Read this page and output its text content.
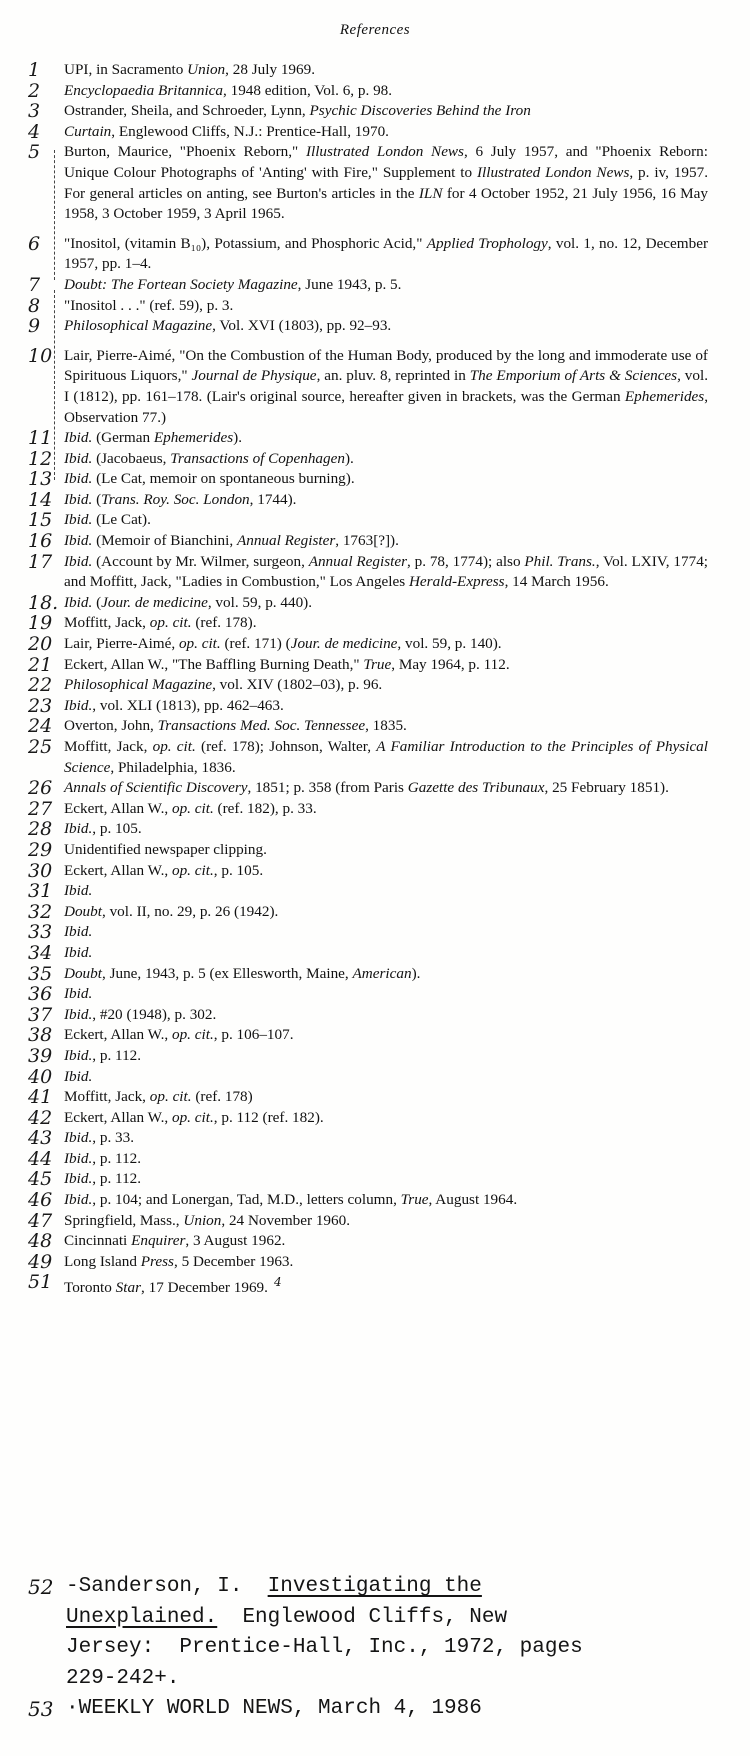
References
1	UPI, in Sacramento Union, 28 July 1969.
2	Encyclopaedia Britannica, 1948 edition, Vol. 6, p. 98.
3	Ostrander, Sheila, and Schroeder, Lynn, Psychic Discoveries Behind the Iron
4	Curtain, Englewood Cliffs, N.J.: Prentice-Hall, 1970.
5	Burton, Maurice, "Phoenix Reborn," Illustrated London News, 6 July 1957, and "Phoenix Reborn: Unique Colour Photographs of 'Anting' with Fire," Supplement to Illustrated London News, p. iv, 1957. For general articles on anting, see Burton's articles in the ILN for 4 October 1952, 21 July 1956, 16 May 1958, 3 October 1959, 3 April 1965.
6	"Inositol, (vitamin B₁₀), Potassium, and Phosphoric Acid," Applied Trophology, vol. 1, no. 12, December 1957, pp. 1–4.
7	Doubt: The Fortean Society Magazine, June 1943, p. 5.
8	"Inositol . . ." (ref. 59), p. 3.
9	Philosophical Magazine, Vol. XVI (1803), pp. 92–93.
10 Lair, Pierre-Aimé, "On the Combustion of the Human Body, produced by the long and immoderate use of Spirituous Liquors," Journal de Physique, an. pluv. 8, reprinted in The Emporium of Arts & Sciences, vol. I (1812), pp. 161–178. (Lair's original source, hereafter given in brackets, was the German Ephemerides, Observation 77.)
11 Ibid. (German Ephemerides).
12 Ibid. (Jacobaeus, Transactions of Copenhagen).
13 Ibid. (Le Cat, memoir on spontaneous burning).
14 Ibid. (Trans. Roy. Soc. London, 1744).
15 Ibid. (Le Cat).
16 Ibid. (Memoir of Bianchini, Annual Register, 1763[?]).
17 Ibid. (Account by Mr. Wilmer, surgeon, Annual Register, p. 78, 1774); also Phil. Trans., Vol. LXIV, 1774; and Moffitt, Jack, "Ladies in Combustion," Los Angeles Herald-Express, 14 March 1956.
18. Ibid. (Jour. de medicine, vol. 59, p. 440).
19 Moffitt, Jack, op. cit. (ref. 178).
20 Lair, Pierre-Aimé, op. cit. (ref. 171) (Jour. de medicine, vol. 59, p. 140).
21 Eckert, Allan W., "The Baffling Burning Death," True, May 1964, p. 112.
22 Philosophical Magazine, vol. XIV (1802–03), p. 96.
23 Ibid., vol. XLI (1813), pp. 462–463.
24 Overton, John, Transactions Med. Soc. Tennessee, 1835.
25 Moffitt, Jack, op. cit. (ref. 178); Johnson, Walter, A Familiar Introduction to the Principles of Physical Science, Philadelphia, 1836.
26 Annals of Scientific Discovery, 1851; p. 358 (from Paris Gazette des Tribunaux, 25 February 1851).
27 Eckert, Allan W., op. cit. (ref. 182), p. 33.
28 Ibid., p. 105.
29 Unidentified newspaper clipping.
30 Eckert, Allan W., op. cit., p. 105.
31 Ibid.
32 Doubt, vol. II, no. 29, p. 26 (1942).
33 Ibid.
34 Ibid.
35 Doubt, June, 1943, p. 5 (ex Ellesworth, Maine, American).
36 Ibid.
37 Ibid., #20 (1948), p. 302.
38 Eckert, Allan W., op. cit., p. 106–107.
39 Ibid., p. 112.
40 Ibid.
41 Moffitt, Jack, op. cit. (ref. 178)
42 Eckert, Allan W., op. cit., p. 112 (ref. 182).
43 Ibid., p. 33.
44 Ibid., p. 112.
45 Ibid., p. 112.
46 Ibid., p. 104; and Lonergan, Tad, M.D., letters column, True, August 1964.
47 Springfield, Mass., Union, 24 November 1960.
48 Cincinnati Enquirer, 3 August 1962.
49 Long Island Press, 5 December 1963.
51 Toronto Star, 17 December 1969. $^4$
52 -Sanderson, I.  Investigating the Unexplained.  Englewood Cliffs, New Jersey:  Prentice-Hall, Inc., 1972, pages 229-242+.
53 ·WEEKLY WORLD NEWS, March 4, 1986
